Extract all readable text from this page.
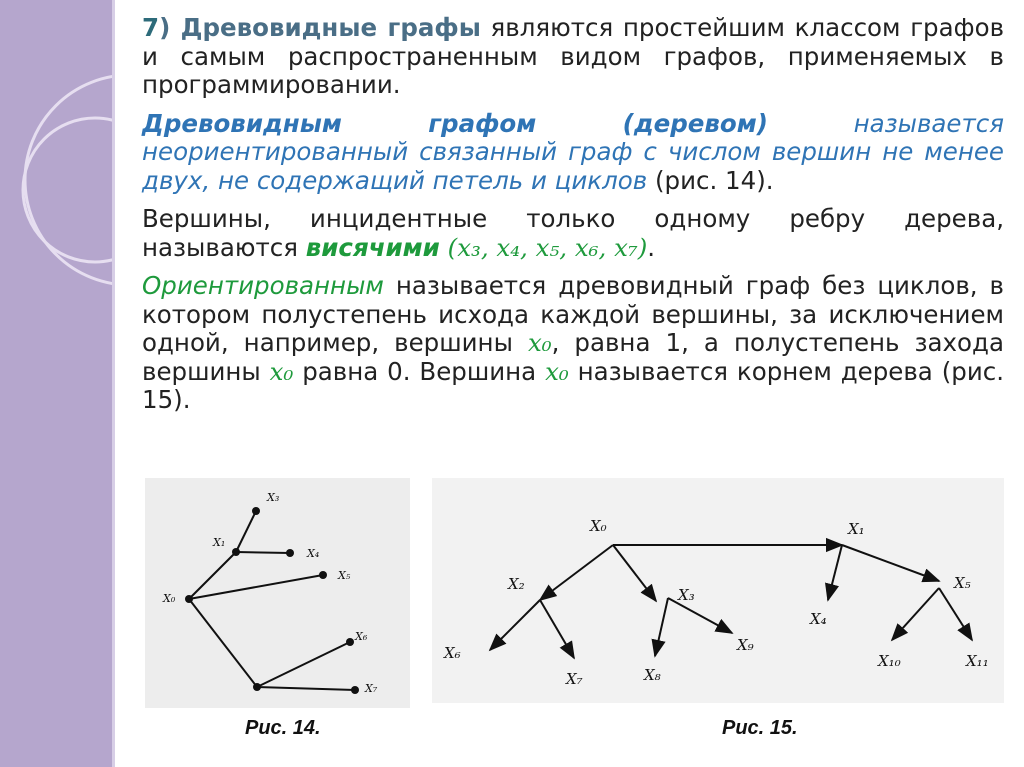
7) Древовидные графы являются простейшим классом графов и самым распространенным видом графов, применяемых в программировании.

Древовидным графом (деревом) называется неориентированный связанный граф с числом вершин не менее двух, не содержащий петель и циклов (рис. 14).

Вершины, инцидентные только одному ребру дерева, называются висячими (x₃, x₄, x₅, x₆, x₇).

Ориентированным называется древовидный граф без циклов, в котором полустепень исхода каждой вершины, за исключением одной, например, вершины x₀, равна 1, а полустепень захода вершины x₀ равна 0. Вершина x₀ называется корнем дерева (рис. 15).

X₀
X₁
X₃
X₄
X₅
X₆
X₇
X₀	X₁
X₂
X₃
X₄
X₅
X₆
X₇	X₈
X₉
X₁₀	X₁₁
Рис. 14.	Рис. 15.
